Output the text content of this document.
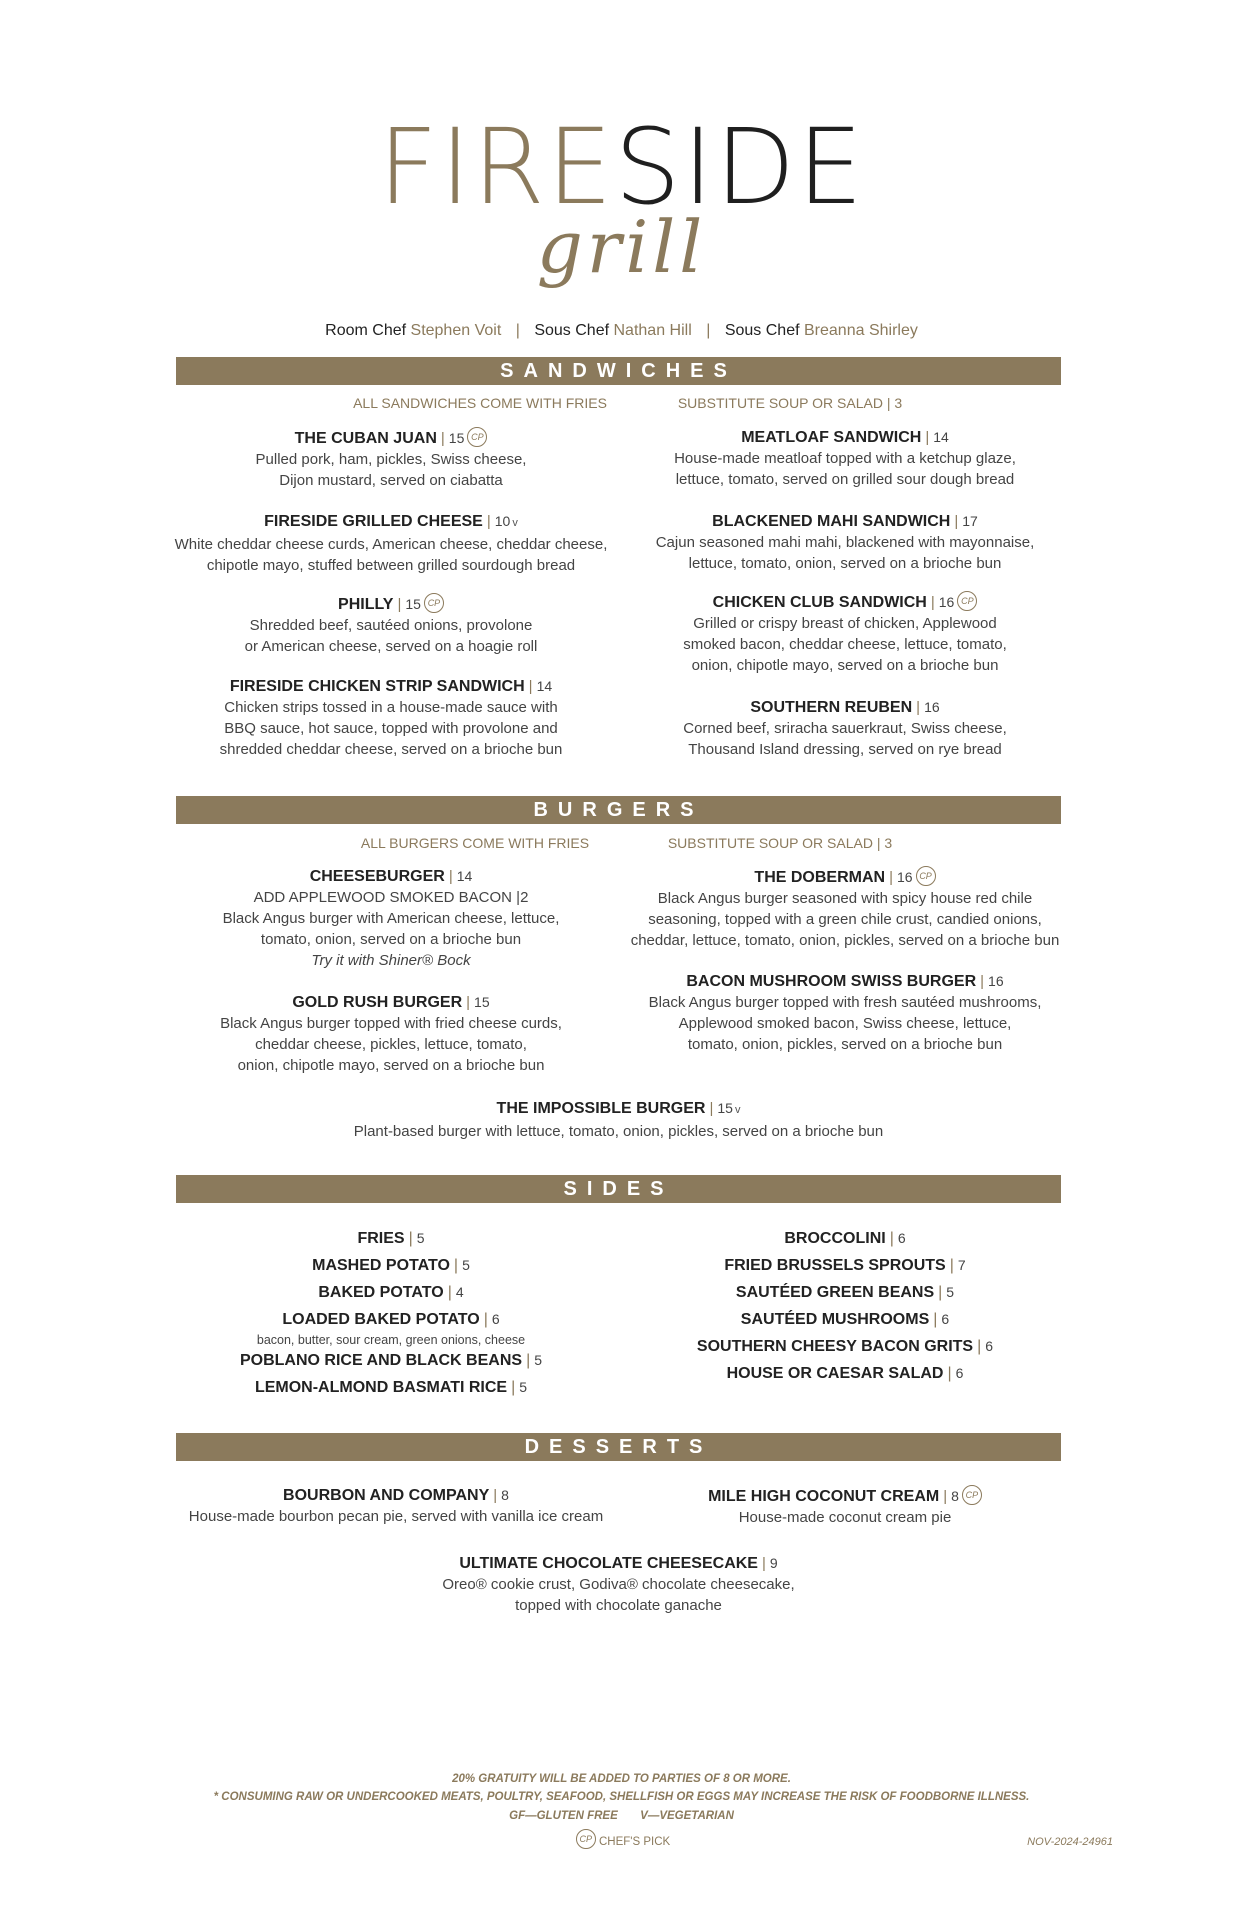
FIRESIDE
grill
Room Chef Stephen Voit | Sous Chef Nathan Hill | Sous Chef Breanna Shirley
SANDWICHES
ALL SANDWICHES COME WITH FRIES	SUBSTITUTE SOUP OR SALAD | 3
THE CUBAN JUAN | 15 CP
Pulled pork, ham, pickles, Swiss cheese,
Dijon mustard, served on ciabatta
FIRESIDE GRILLED CHEESE | 10 v
White cheddar cheese curds, American cheese, cheddar cheese,
chipotle mayo, stuffed between grilled sourdough bread
PHILLY | 15 CP
Shredded beef, sautéed onions, provolone
or American cheese, served on a hoagie roll
FIRESIDE CHICKEN STRIP SANDWICH | 14
Chicken strips tossed in a house-made sauce with
BBQ sauce, hot sauce, topped with provolone and
shredded cheddar cheese, served on a brioche bun
MEATLOAF SANDWICH | 14
House-made meatloaf topped with a ketchup glaze,
lettuce, tomato, served on grilled sour dough bread
BLACKENED MAHI SANDWICH | 17
Cajun seasoned mahi mahi, blackened with mayonnaise,
lettuce, tomato, onion, served on a brioche bun
CHICKEN CLUB SANDWICH | 16 CP
Grilled or crispy breast of chicken, Applewood
smoked bacon, cheddar cheese, lettuce, tomato,
onion, chipotle mayo, served on a brioche bun
SOUTHERN REUBEN | 16
Corned beef, sriracha sauerkraut, Swiss cheese,
Thousand Island dressing, served on rye bread
BURGERS
ALL BURGERS COME WITH FRIES	SUBSTITUTE SOUP OR SALAD | 3
CHEESEBURGER | 14
ADD APPLEWOOD SMOKED BACON |2
Black Angus burger with American cheese, lettuce,
tomato, onion, served on a brioche bun
Try it with Shiner® Bock
GOLD RUSH BURGER | 15
Black Angus burger topped with fried cheese curds,
cheddar cheese, pickles, lettuce, tomato,
onion, chipotle mayo, served on a brioche bun
THE DOBERMAN | 16 CP
Black Angus burger seasoned with spicy house red chile
seasoning, topped with a green chile crust, candied onions,
cheddar, lettuce, tomato, onion, pickles, served on a brioche bun
BACON MUSHROOM SWISS BURGER | 16
Black Angus burger topped with fresh sautéed mushrooms,
Applewood smoked bacon, Swiss cheese, lettuce,
tomato, onion, pickles, served on a brioche bun
THE IMPOSSIBLE BURGER | 15 v
Plant-based burger with lettuce, tomato, onion, pickles, served on a brioche bun
SIDES
FRIES | 5
MASHED POTATO | 5
BAKED POTATO | 4
LOADED BAKED POTATO | 6
bacon, butter, sour cream, green onions, cheese
POBLANO RICE AND BLACK BEANS | 5
LEMON-ALMOND BASMATI RICE | 5
BROCCOLINI | 6
FRIED BRUSSELS SPROUTS | 7
SAUTÉED GREEN BEANS | 5
SAUTÉED MUSHROOMS | 6
SOUTHERN CHEESY BACON GRITS | 6
HOUSE OR CAESAR SALAD | 6
DESSERTS
BOURBON AND COMPANY | 8
House-made bourbon pecan pie, served with vanilla ice cream
MILE HIGH COCONUT CREAM | 8 CP
House-made coconut cream pie
ULTIMATE CHOCOLATE CHEESECAKE | 9
Oreo® cookie crust, Godiva® chocolate cheesecake,
topped with chocolate ganache
20% GRATUITY WILL BE ADDED TO PARTIES OF 8 OR MORE.
* CONSUMING RAW OR UNDERCOOKED MEATS, POULTRY, SEAFOOD, SHELLFISH OR EGGS MAY INCREASE THE RISK OF FOODBORNE ILLNESS.
GF—GLUTEN FREE V—VEGETARIAN
CP CHEF'S PICK	NOV-2024-24961
